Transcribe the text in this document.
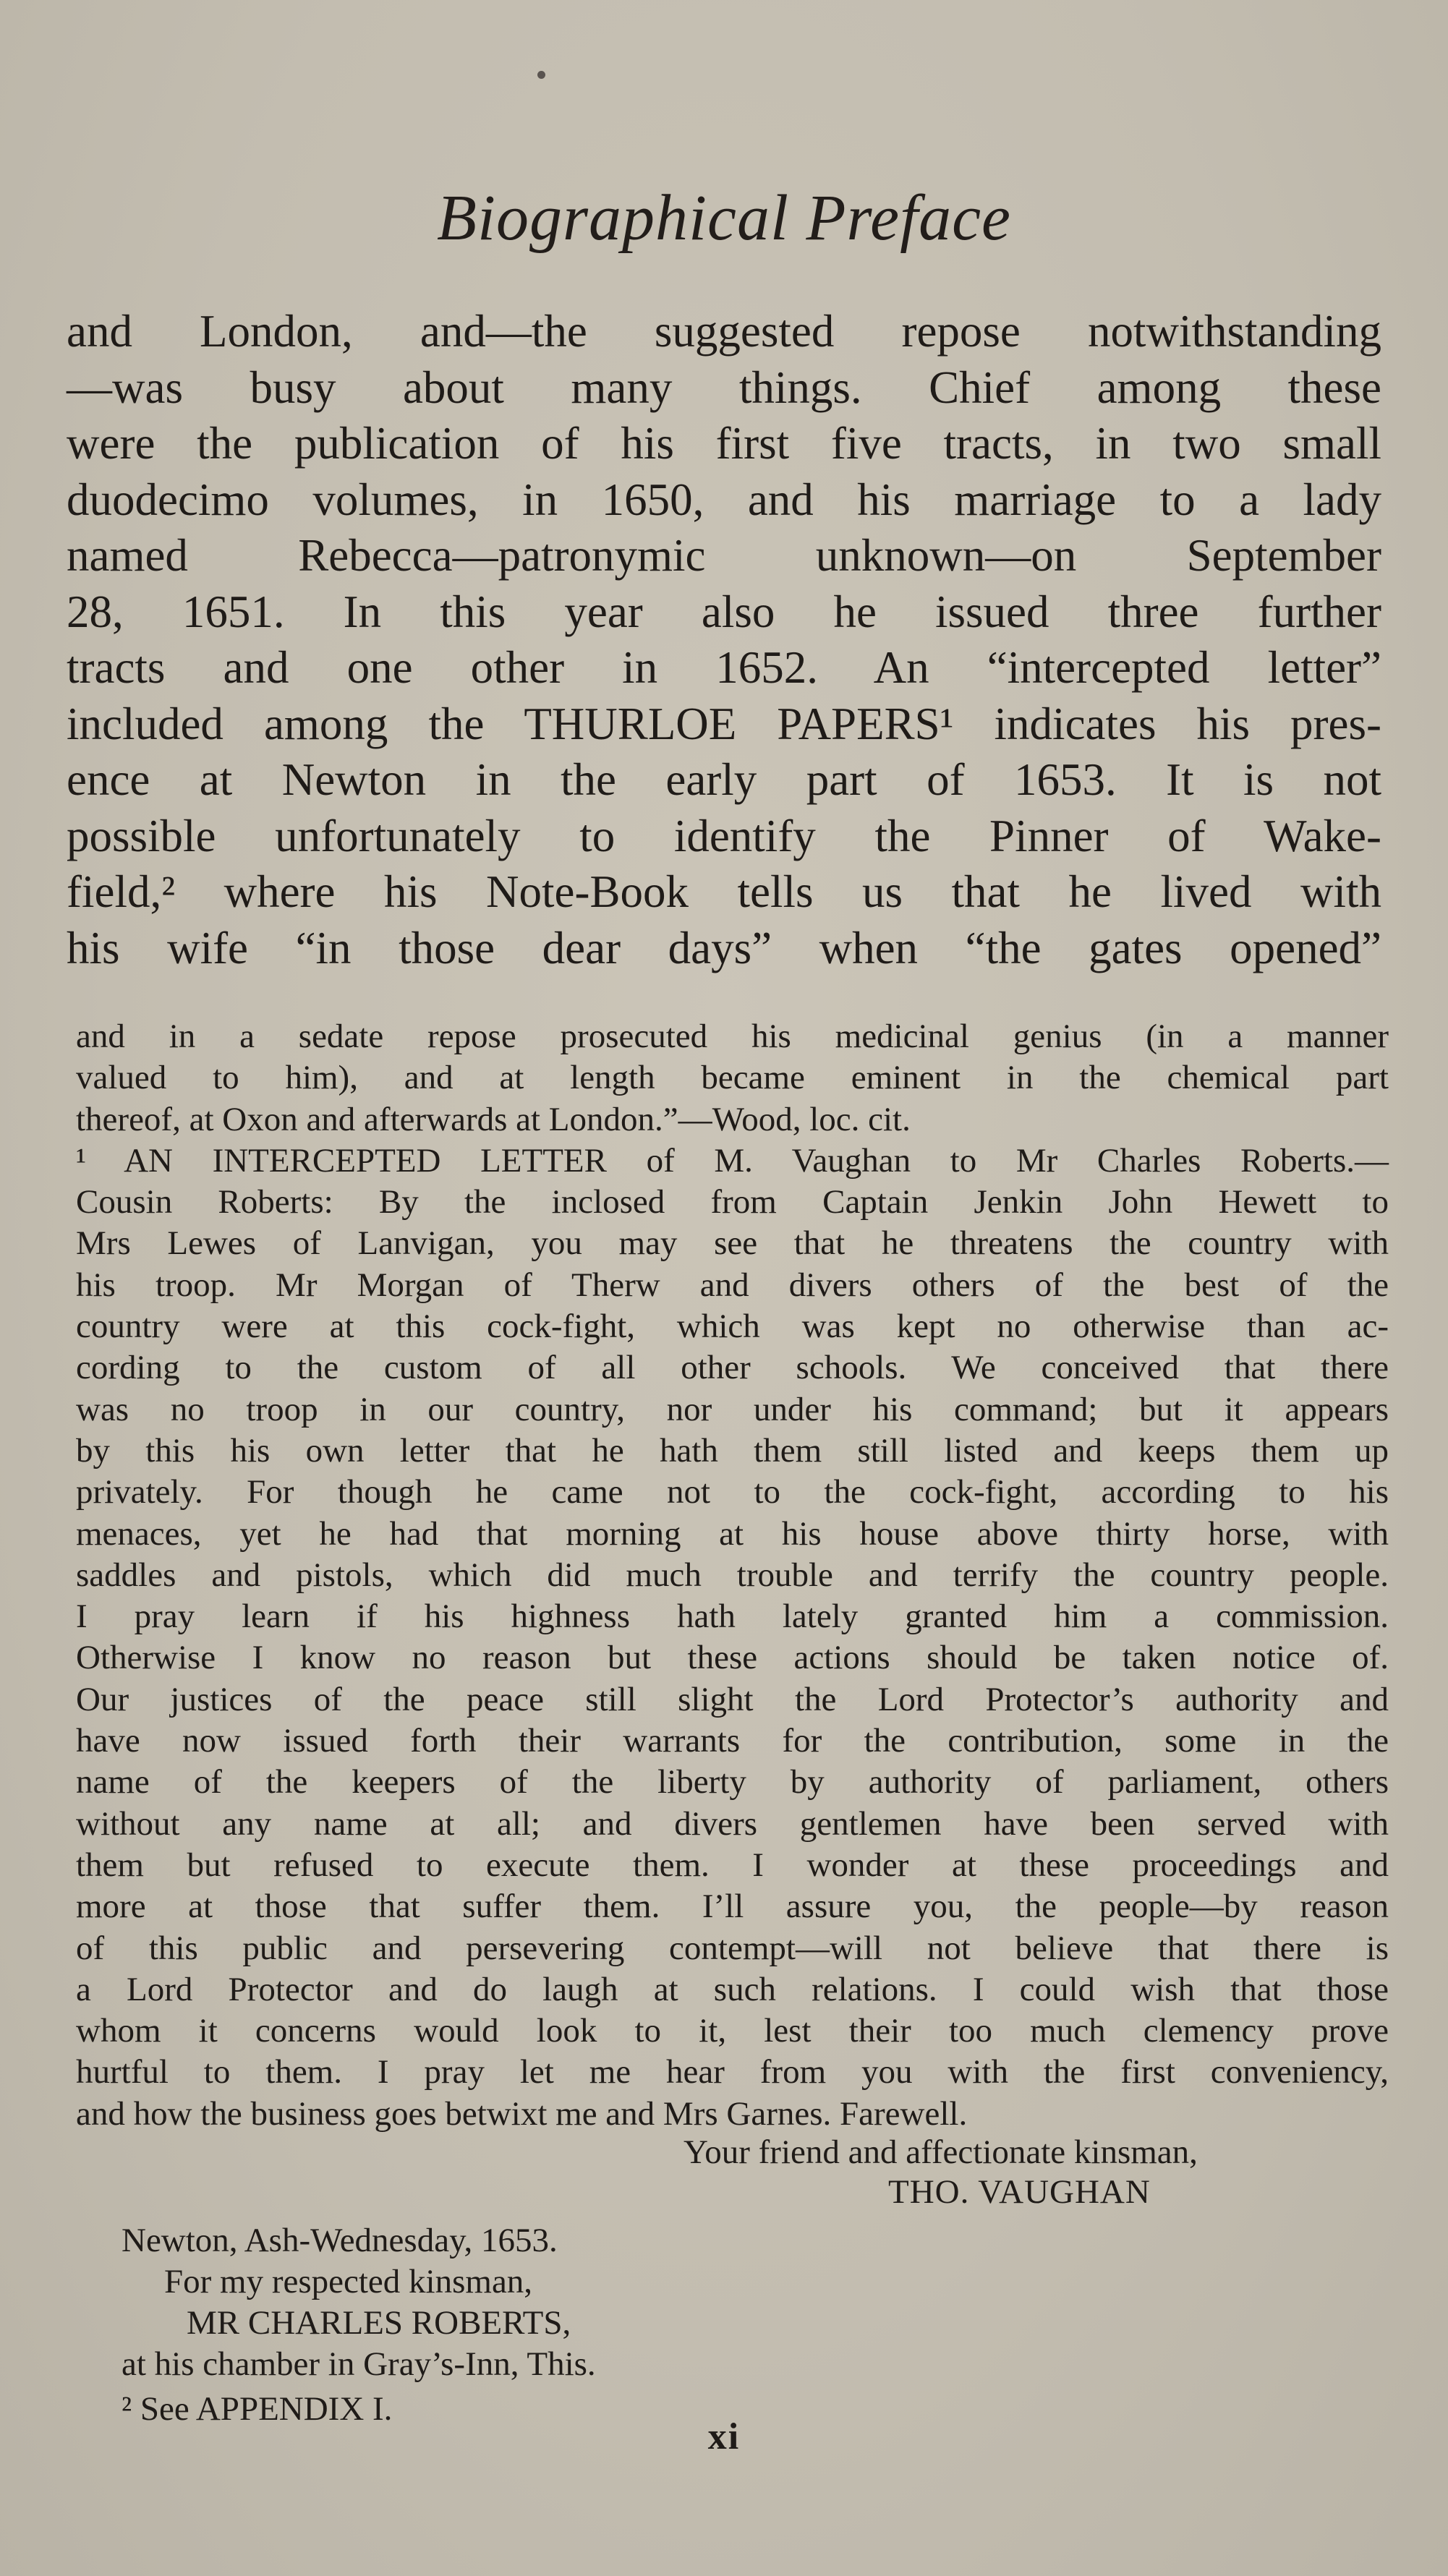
Biographical Preface
and London, and—the suggested repose notwithstanding
—was busy about many things. Chief among these
were the publication of his first five tracts, in two small
duodecimo volumes, in 1650, and his marriage to a lady
named Rebecca—patronymic unknown—on September
28, 1651. In this year also he issued three further
tracts and one other in 1652. An “intercepted letter”
included among the THURLOE PAPERS¹ indicates his pres-
ence at Newton in the early part of 1653. It is not
possible unfortunately to identify the Pinner of Wake-
field,² where his Note-Book tells us that he lived with
his wife “in those dear days” when “the gates opened”
and in a sedate repose prosecuted his medicinal genius (in a manner
valued to him), and at length became eminent in the chemical part
thereof, at Oxon and afterwards at London.”—Wood, loc. cit.
¹ AN INTERCEPTED LETTER of M. Vaughan to Mr Charles Roberts.—
Cousin Roberts: By the inclosed from Captain Jenkin John Hewett to
Mrs Lewes of Lanvigan, you may see that he threatens the country with
his troop. Mr Morgan of Therw and divers others of the best of the
country were at this cock-fight, which was kept no otherwise than ac-
cording to the custom of all other schools. We conceived that there
was no troop in our country, nor under his command; but it appears
by this his own letter that he hath them still listed and keeps them up
privately. For though he came not to the cock-fight, according to his
menaces, yet he had that morning at his house above thirty horse, with
saddles and pistols, which did much trouble and terrify the country people.
I pray learn if his highness hath lately granted him a commission.
Otherwise I know no reason but these actions should be taken notice of.
Our justices of the peace still slight the Lord Protector’s authority and
have now issued forth their warrants for the contribution, some in the
name of the keepers of the liberty by authority of parliament, others
without any name at all; and divers gentlemen have been served with
them but refused to execute them. I wonder at these proceedings and
more at those that suffer them. I’ll assure you, the people—by reason
of this public and persevering contempt—will not believe that there is
a Lord Protector and do laugh at such relations. I could wish that those
whom it concerns would look to it, lest their too much clemency prove
hurtful to them. I pray let me hear from you with the first conveniency,
and how the business goes betwixt me and Mrs Garnes. Farewell.
Your friend and affectionate kinsman,
THO. VAUGHAN
Newton, Ash-Wednesday, 1653.
For my respected kinsman,
MR CHARLES ROBERTS,
at his chamber in Gray’s-Inn, This.
² See APPENDIX I.
xi
